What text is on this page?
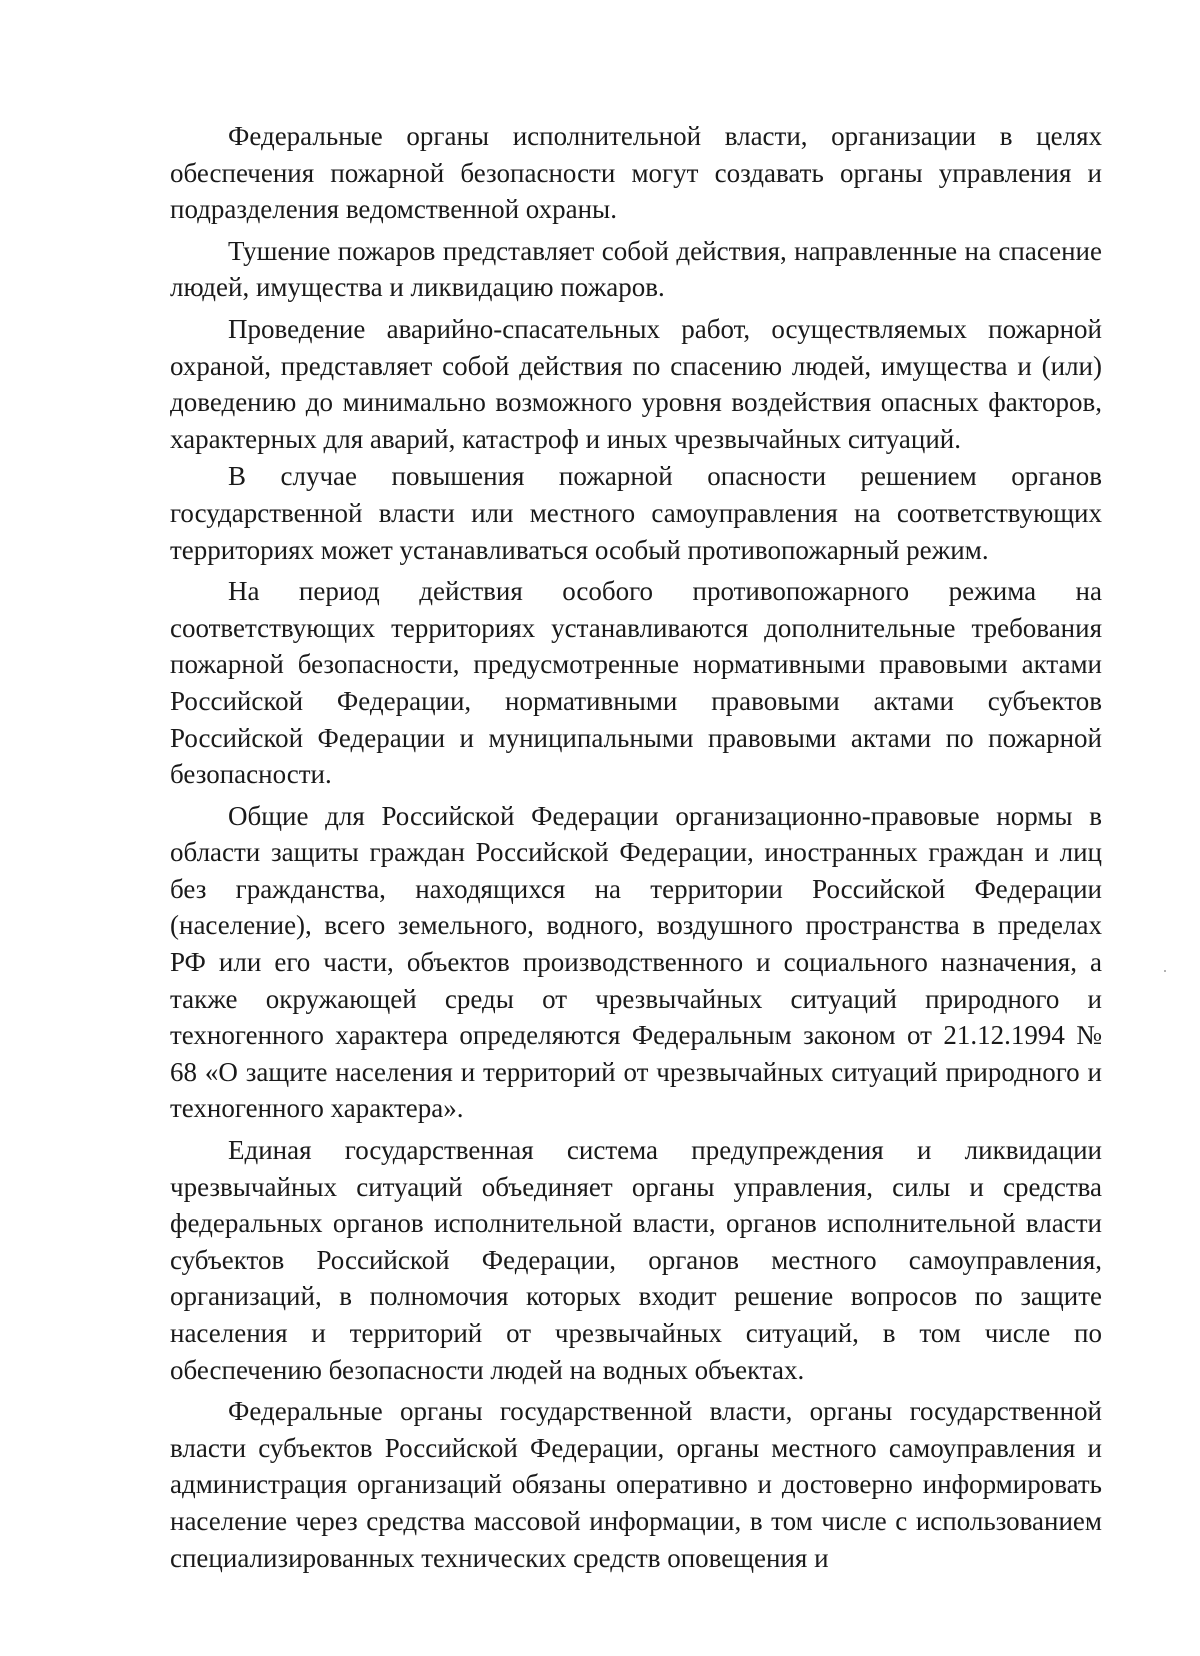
Федеральные органы исполнительной власти, организации в целях обеспечения пожарной безопасности могут создавать органы управления и подразделения ведомственной охраны.

Тушение пожаров представляет собой действия, направленные на спасение людей, имущества и ликвидацию пожаров.

Проведение аварийно-спасательных работ, осуществляемых пожарной охраной, представляет собой действия по спасению людей, имущества и (или) доведению до минимально возможного уровня воздействия опасных факторов, характерных для аварий, катастроф и иных чрезвычайных ситуаций.

В случае повышения пожарной опасности решением органов государственной власти или местного самоуправления на соответствующих территориях может устанавливаться особый противопожарный режим.

На период действия особого противопожарного режима на соответствующих территориях устанавливаются дополнительные требования пожарной безопасности, предусмотренные нормативными правовыми актами Российской Федерации, нормативными правовыми актами субъектов Российской Федерации и муниципальными правовыми актами по пожарной безопасности.

Общие для Российской Федерации организационно-правовые нормы в области защиты граждан Российской Федерации, иностранных граждан и лиц без гражданства, находящихся на территории Российской Федерации (население), всего земельного, водного, воздушного пространства в пределах РФ или его части, объектов производственного и социального назначения, а также окружающей среды от чрезвычайных ситуаций природного и техногенного характера определяются Федеральным законом от 21.12.1994 № 68 «О защите населения и территорий от чрезвычайных ситуаций природного и техногенного характера».

Единая государственная система предупреждения и ликвидации чрезвычайных ситуаций объединяет органы управления, силы и средства федеральных органов исполнительной власти, органов исполнительной власти субъектов Российской Федерации, органов местного самоуправления, организаций, в полномочия которых входит решение вопросов по защите населения и территорий от чрезвычайных ситуаций, в том числе по обеспечению безопасности людей на водных объектах.

Федеральные органы государственной власти, органы государственной власти субъектов Российской Федерации, органы местного самоуправления и администрация организаций обязаны оперативно и достоверно информировать население через средства массовой информации, в том числе с использованием специализированных технических средств оповещения и
